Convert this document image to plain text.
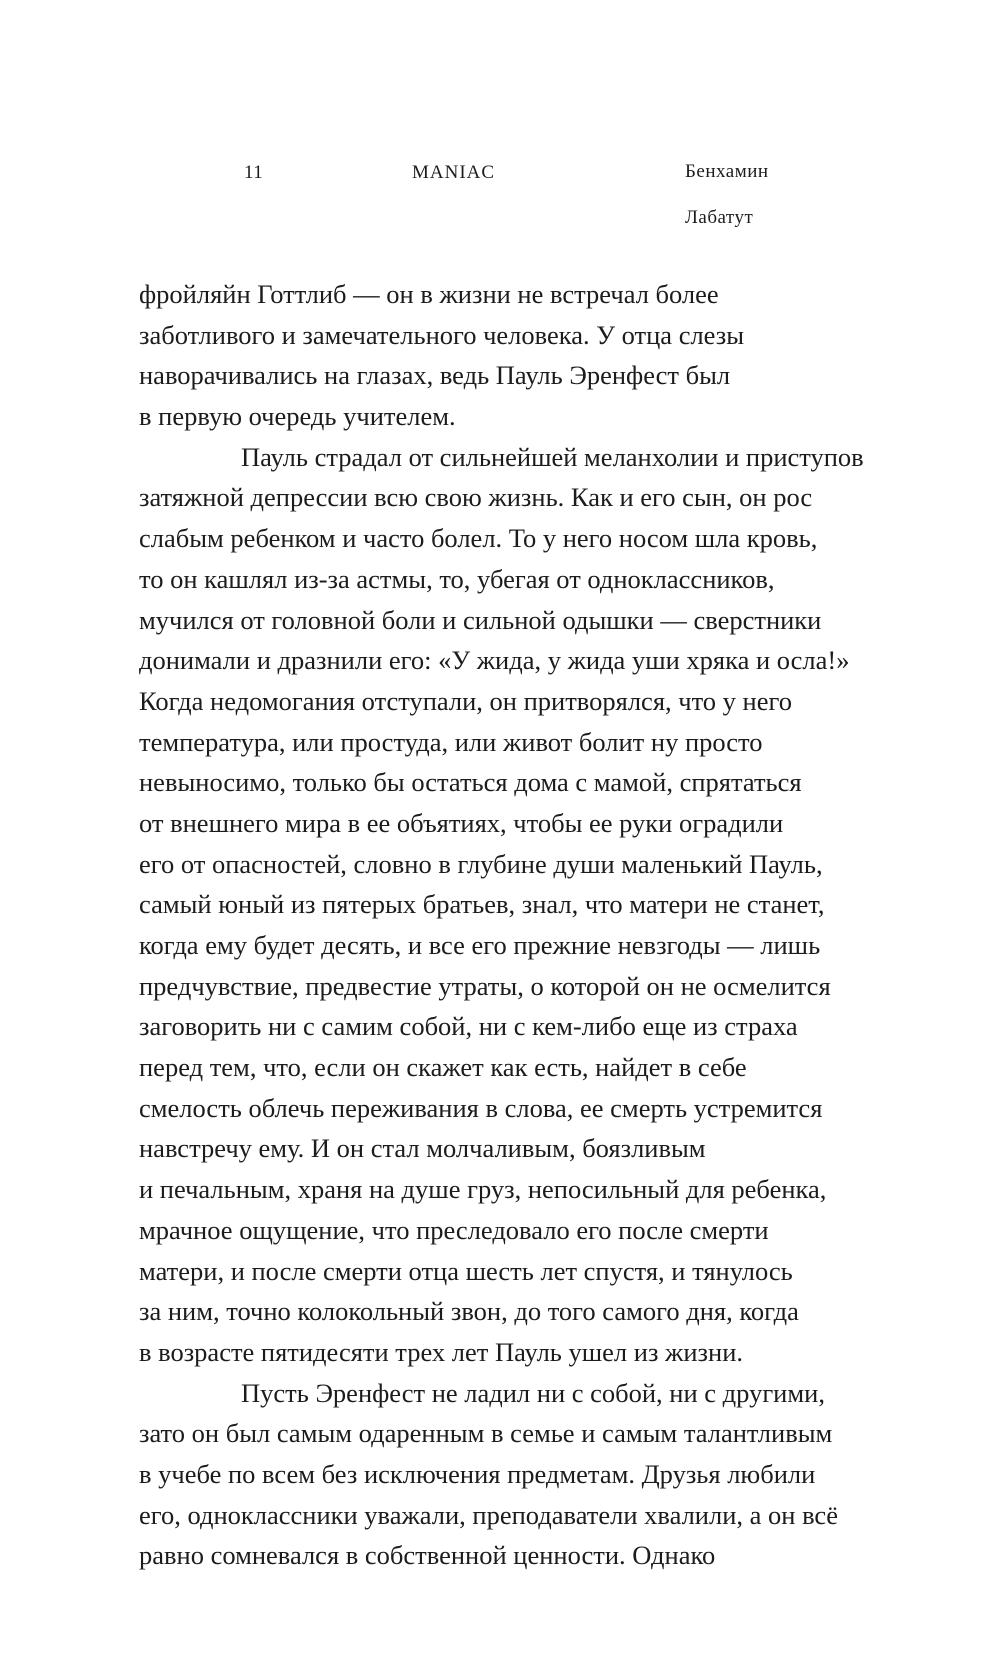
11	MANIAC	Бенхамин
Лабатут
фройляйн Готтлиб — он в жизни не встречал более
заботливого и замечательного человека. У отца слезы
наворачивались на глазах, ведь Пауль Эренфест был
в первую очередь учителем.
Пауль страдал от сильнейшей меланхолии и приступов
затяжной депрессии всю свою жизнь. Как и его сын, он рос
слабым ребенком и часто болел. То у него носом шла кровь,
то он кашлял из-за астмы, то, убегая от одноклассников,
мучился от головной боли и сильной одышки — сверстники
донимали и дразнили его: «У жида, у жида уши хряка и осла!»
Когда недомогания отступали, он притворялся, что у него
температура, или простуда, или живот болит ну просто
невыносимо, только бы остаться дома с мамой, спрятаться
от внешнего мира в ее объятиях, чтобы ее руки оградили
его от опасностей, словно в глубине души маленький Пауль,
самый юный из пятерых братьев, знал, что матери не станет,
когда ему будет десять, и все его прежние невзгоды — лишь
предчувствие, предвестие утраты, о которой он не осмелится
заговорить ни с самим собой, ни с кем-либо еще из страха
перед тем, что, если он скажет как есть, найдет в себе
смелость облечь переживания в слова, ее смерть устремится
навстречу ему. И он стал молчаливым, боязливым
и печальным, храня на душе груз, непосильный для ребенка,
мрачное ощущение, что преследовало его после смерти
матери, и после смерти отца шесть лет спустя, и тянулось
за ним, точно колокольный звон, до того самого дня, когда
в возрасте пятидесяти трех лет Пауль ушел из жизни.
Пусть Эренфест не ладил ни с собой, ни с другими,
зато он был самым одаренным в семье и самым талантливым
в учебе по всем без исключения предметам. Друзья любили
его, одноклассники уважали, преподаватели хвалили, а он всё
равно сомневался в собственной ценности. Однако
